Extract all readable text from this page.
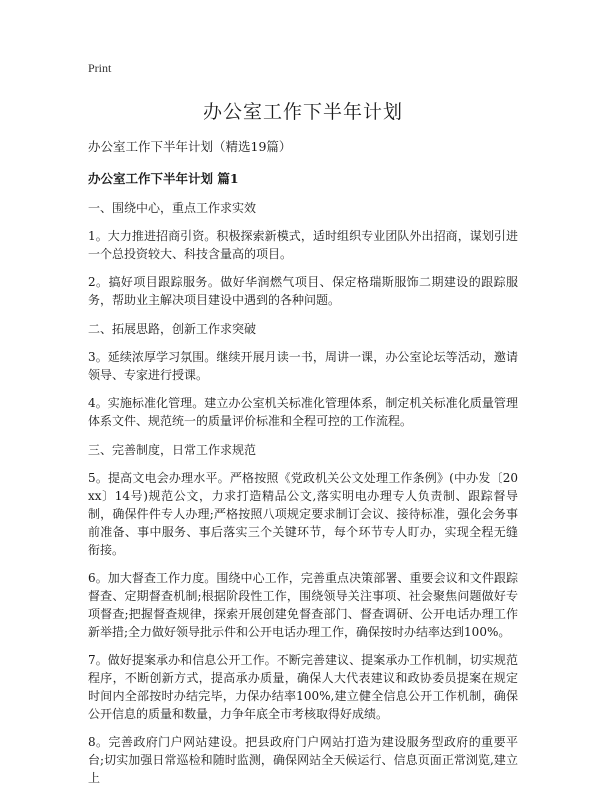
Print
办公室工作下半年计划

办公室工作下半年计划（精选19篇）

办公室工作下半年计划 篇1

一、围绕中心，重点工作求实效

1。大力推进招商引资。积极探索新模式，适时组织专业团队外出招商，谋划引进一个总投资较大、科技含量高的项目。

2。搞好项目跟踪服务。做好华润燃气项目、保定格瑞斯服饰二期建设的跟踪服务，帮助业主解决项目建设中遇到的各种问题。

二、拓展思路，创新工作求突破

3。延续浓厚学习氛围。继续开展月读一书，周讲一课，办公室论坛等活动，邀请领导、专家进行授课。

4。实施标准化管理。建立办公室机关标准化管理体系，制定机关标准化质量管理体系文件、规范统一的质量评价标准和全程可控的工作流程。

三、完善制度，日常工作求规范

5。提高文电会办理水平。严格按照《党政机关公文处理工作条例》(中办发〔20xx〕14号)规范公文，力求打造精品公文,落实明电办理专人负责制、跟踪督导制，确保件件专人办理;严格按照八项规定要求制订会议、接待标准，强化会务事前准备、事中服务、事后落实三个关键环节，每个环节专人盯办，实现全程无缝衔接。

6。加大督查工作力度。围绕中心工作，完善重点决策部署、重要会议和文件跟踪督查、定期督查机制;根据阶段性工作，围绕领导关注事项、社会聚焦问题做好专项督查;把握督查规律，探索开展创建免督查部门、督查调研、公开电话办理工作新举措;全力做好领导批示件和公开电话办理工作，确保按时办结率达到100%。

7。做好提案承办和信息公开工作。不断完善建议、提案承办工作机制，切实规范程序，不断创新方式，提高承办质量，确保人大代表建议和政协委员提案在规定时间内全部按时办结完毕，力保办结率100%,建立健全信息公开工作机制，确保公开信息的质量和数量，力争年底全市考核取得好成绩。

8。完善政府门户网站建设。把县政府门户网站打造为建设服务型政府的重要平台;切实加强日常巡检和随时监测，确保网站全天候运行、信息页面正常浏览,建立上
